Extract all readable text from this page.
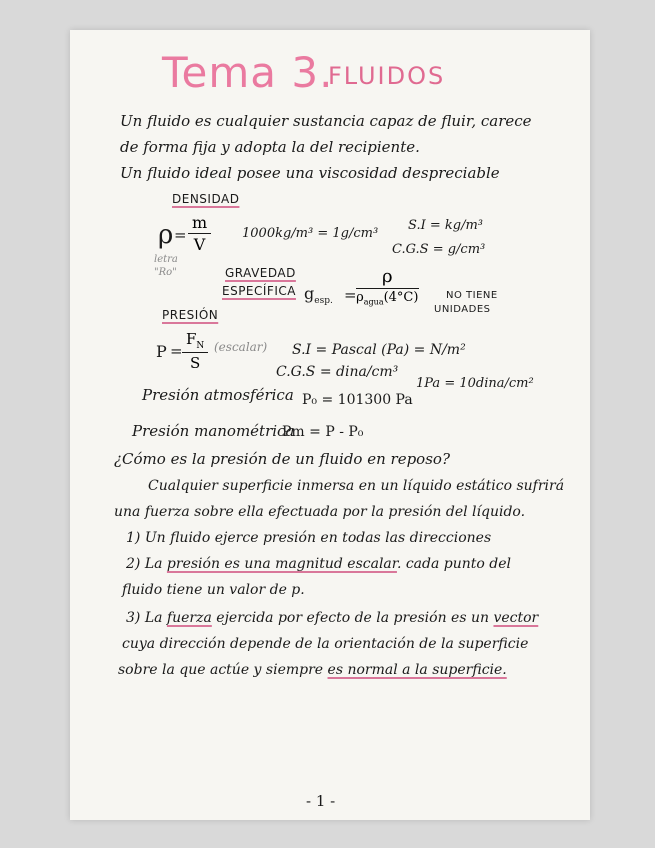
Tema 3.
FLUIDOS
Un fluido es cualquier sustancia capaz de fluir, carece
de forma fija y adopta la del recipiente.
Un fluido ideal posee una viscosidad despreciable
DENSIDAD
$\rho = \frac{m}{V}$
letra
"Ro"
1000kg/m³ = 1g/cm³
S.I = kg/m³
C.G.S = g/cm³
GRAVEDAD
ESPECÍFICA $g_{esp.}$ =
ρ
$\rho_{agua}(4^\circ C)$	NO TIENE
UNIDADES
PRESIÓN
$P = \frac{F_N}{S}$ (escalar) S.I = Pascal (Pa) = N/m²
C.G.S = dina/cm³
1Pa = 10dina/cm²
Presión atmosférica P₀ = 101300 Pa
Presión manométrica
Pm = P - P₀
¿Cómo es la presión de un fluido en reposo?
Cualquier superficie inmersa en un líquido estático sufrirá
una fuerza sobre ella efectuada por la presión del líquido.
1) Un fluido ejerce presión en todas las direcciones
2) La presión es una magnitud escalar. cada punto del
fluido tiene un valor de p.
3) La fuerza ejercida por efecto de la presión es un vector
cuya dirección depende de la orientación de la superficie
sobre la que actúe y siempre es normal a la superficie.
- 1 -
